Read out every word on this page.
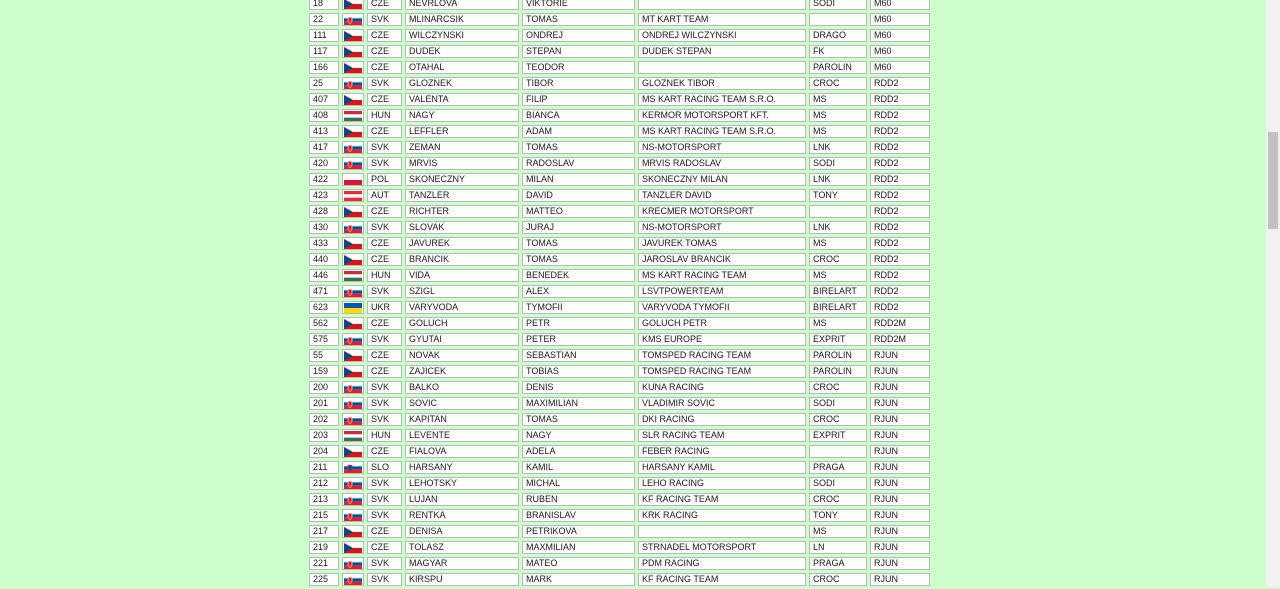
18		CZE	NEVRLOVA	VIKTORIE		SODI	M60
22		SVK	MLINARCSIK	TOMAS	MT KART TEAM		M60
111		CZE	WILCZYNSKI	ONDREJ	ONDREJ WILCZYNSKI	DRAGO	M60
117		CZE	DUDEK	STEPAN	DUDEK STEPAN	FK	M60
166		CZE	OTAHAL	TEODOR		PAROLIN	M60
25		SVK	GLOZNEK	TIBOR	GLOZNEK TIBOR	CROC	RDD2
407		CZE	VALENTA	FILIP	MS KART RACING TEAM S.R.O.	MS	RDD2
408		HUN	NAGY	BIANCA	KERMOR MOTORSPORT KFT.	MS	RDD2
413		CZE	LEFFLER	ADAM	MS KART RACING TEAM S.R.O.	MS	RDD2
417		SVK	ZEMAN	TOMAS	NS-MOTORSPORT	LNK	RDD2
420		SVK	MRVIS	RADOSLAV	MRVIS RADOSLAV	SODI	RDD2
422		POL	SKONECZNY	MILAN	SKONECZNY MILAN	LNK	RDD2
423		AUT	TANZLER	DAVID	TANZLER DAVID	TONY	RDD2
428		CZE	RICHTER	MATTEO	KRECMER MOTORSPORT		RDD2
430		SVK	SLOVAK	JURAJ	NS-MOTORSPORT	LNK	RDD2
433		CZE	JAVUREK	TOMAS	JAVUREK TOMAS	MS	RDD2
440		CZE	BRANCIK	TOMAS	JAROSLAV BRANCIK	CROC	RDD2
446		HUN	VIDA	BENEDEK	MS KART RACING TEAM	MS	RDD2
471		SVK	SZIGL	ALEX	LSVTPOWERTEAM	BIRELART	RDD2
623		UKR	VARYVODA	TYMOFII	VARYVODA TYMOFII	BIRELART	RDD2
562		CZE	GOLUCH	PETR	GOLUCH PETR	MS	RDD2M
575		SVK	GYUTAI	PETER	KMS EUROPE	EXPRIT	RDD2M
55		CZE	NOVAK	SEBASTIAN	TOMSPED RACING TEAM	PAROLIN	RJUN
159		CZE	ZAJICEK	TOBIAS	TOMSPED RACING TEAM	PAROLIN	RJUN
200		SVK	BALKO	DENIS	KUNA RACING	CROC	RJUN
201		SVK	SOVIC	MAXIMILIAN	VLADIMIR SOVIC	SODI	RJUN
202		SVK	KAPITAN	TOMAS	DKI RACING	CROC	RJUN
203		HUN	LEVENTE	NAGY	SLR RACING TEAM	EXPRIT	RJUN
204		CZE	FIALOVA	ADELA	FEBER RACING		RJUN
211		SLO	HARSANY	KAMIL	HARSANY KAMIL	PRAGA	RJUN
212		SVK	LEHOTSKY	MICHAL	LEHO RACING	SODI	RJUN
213		SVK	LUJAN	RUBEN	KF RACING TEAM	CROC	RJUN
215		SVK	RENTKA	BRANISLAV	KRK RACING	TONY	RJUN
217		CZE	DENISA	PETRIKOVA		MS	RJUN
219		CZE	TOLASZ	MAXMILIAN	STRNADEL MOTORSPORT	LN	RJUN
221		SVK	MAGYAR	MATEO	PDM RACING	PRAGA	RJUN
225		SVK	KIRSPU	MARK	KF RACING TEAM	CROC	RJUN
